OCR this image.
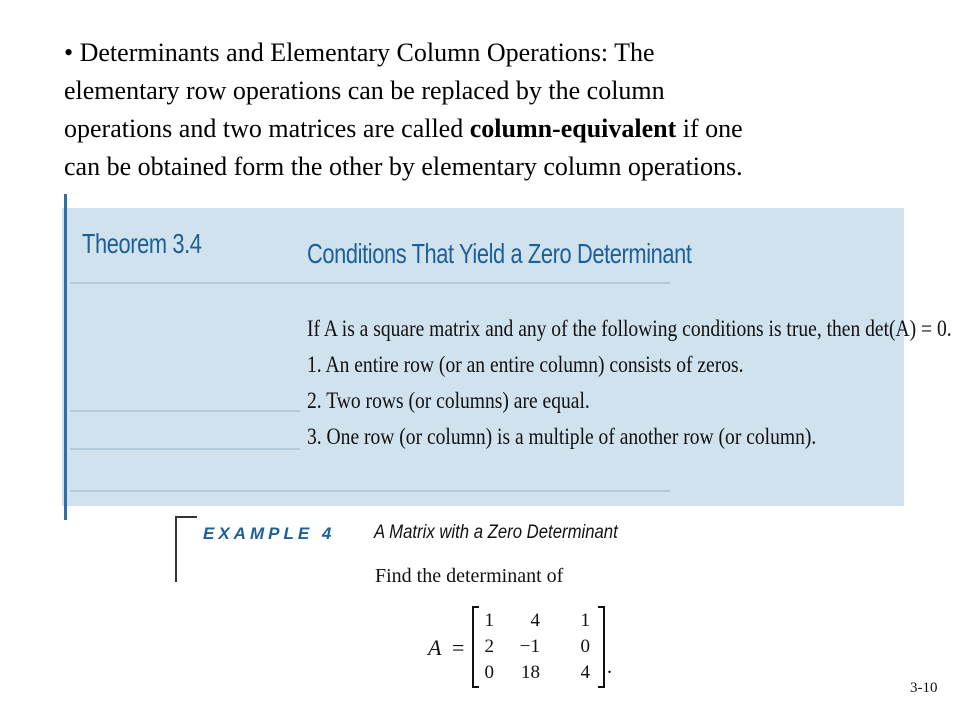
• Determinants and Elementary Column Operations: The
elementary row operations can be replaced by the column
operations and two matrices are called column-equivalent if one
can be obtained form the other by elementary column operations.
Theorem 3.4	Conditions That Yield a Zero Determinant
If A is a square matrix and any of the following conditions is true, then det(A) = 0.
1. An entire row (or an entire column) consists of zeros.
2. Two rows (or columns) are equal.
3. One row (or column) is a multiple of another row (or column).
EXAMPLE 4 A Matrix with a Zero Determinant
Find the determinant of
A =
1	4	1
2	−1	0
0	18	4 .
3-10
